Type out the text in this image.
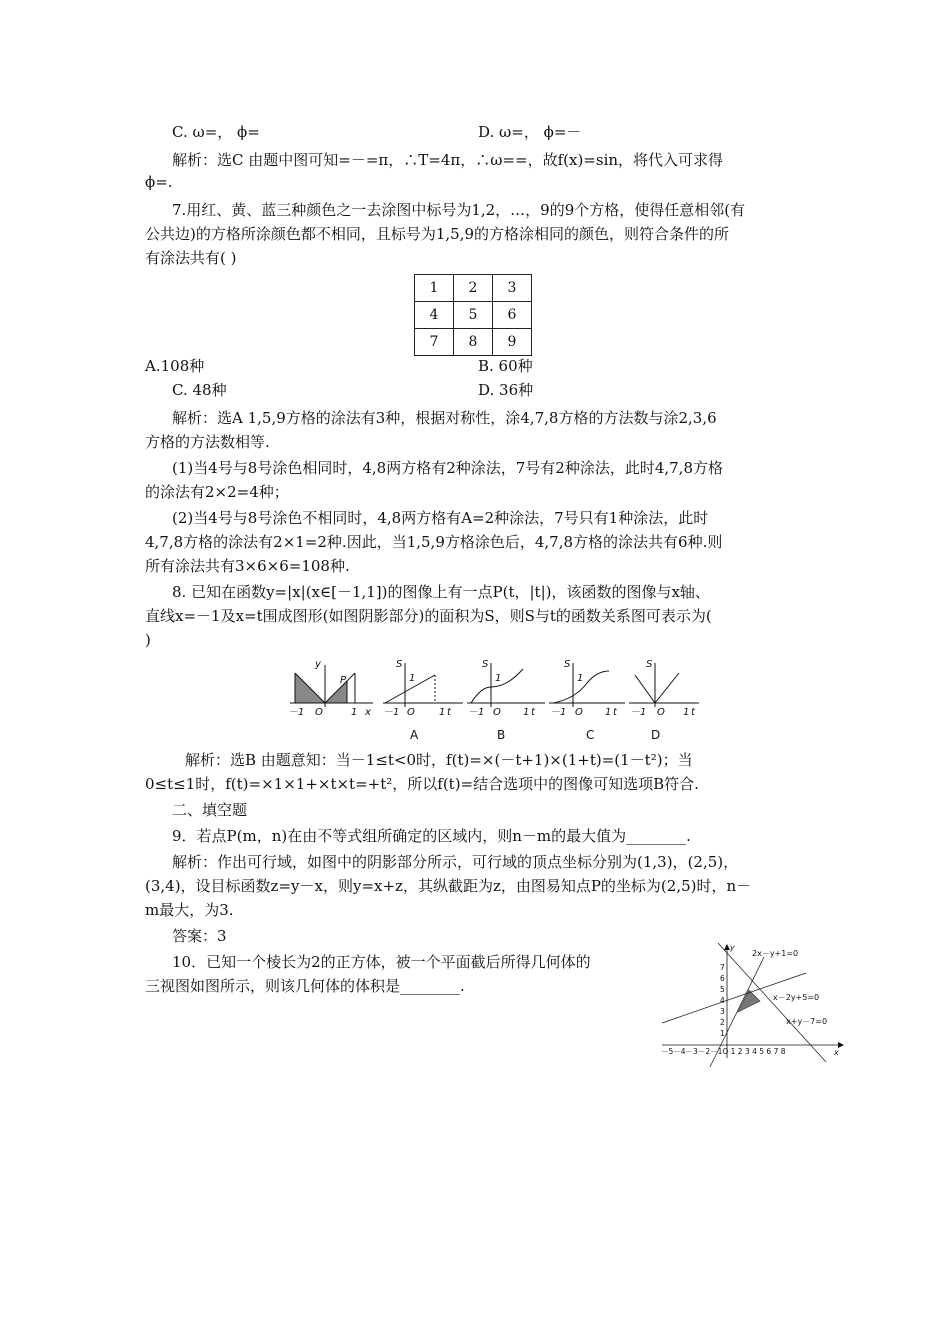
C. ω=， ϕ=	D. ω=， ϕ=－
解析：选C 由题中图可知=－=π，∴T=4π，∴ω==，故f(x)=sin，将代入可求得
ϕ=.
7.用红、黄、蓝三种颜色之一去涂图中标号为1,2，…，9的9个方格，使得任意相邻(有
公共边)的方格所涂颜色都不相同，且标号为1,5,9的方格涂相同的颜色，则符合条件的所
有涂法共有( )
1	2	3
4	5	6
7	8	9
A.108种	B. 60种
C. 48种	D. 36种
解析：选A 1,5,9方格的涂法有3种，根据对称性，涂4,7,8方格的方法数与涂2,3,6
方格的方法数相等.
(1)当4号与8号涂色相同时，4,8两方格有2种涂法，7号有2种涂法，此时4,7,8方格
的涂法有2×2=4种；
(2)当4号与8号涂色不相同时，4,8两方格有A=2种涂法，7号只有1种涂法，此时
4,7,8方格的涂法有2×1=2种.因此，当1,5,9方格涂色后，4,7,8方格的涂法共有6种.则
所有涂法共有3×6×6=108种.
8. 已知在函数y=|x|(x∈[－1,1])的图像上有一点P(t，|t|)，该函数的图像与x轴、
直线x=－1及x=t围成图形(如图阴影部分)的面积为S，则S与t的函数关系图可表示为(
)
y
P
－1 O	1 x
S
1
－1 O 1 t
A
S
1
－1 O 1 t
B
S
1
－1 O 1 t
C
S
－1 O 1 t
D
解析：选B 由题意知：当－1≤t<0时，f(t)=×(－t+1)×(1+t)=(1－t²)；当
0≤t≤1时，f(t)=×1×1+×t×t=+t²，所以f(t)=结合选项中的图像可知选项B符合.
二、填空题
9．若点P(m，n)在由不等式组所确定的区域内，则n－m的最大值为________.
解析：作出可行域，如图中的阴影部分所示，可行域的顶点坐标分别为(1,3)，(2,5)，
(3,4)，设目标函数z=y－x，则y=x+z，其纵截距为z，由图易知点P的坐标为(2,5)时，n－
m最大，为3.
答案：3
10．已知一个棱长为2的正方体，被一个平面截后所得几何体的
三视图如图所示，则该几何体的体积是________.
2x－y+1=0
x－2y+5=0
x+y－7=0
－5－4－3－2－1O 1 2 3 4 5 6 7 8	x
y
7
6
5
4
3
2
1
